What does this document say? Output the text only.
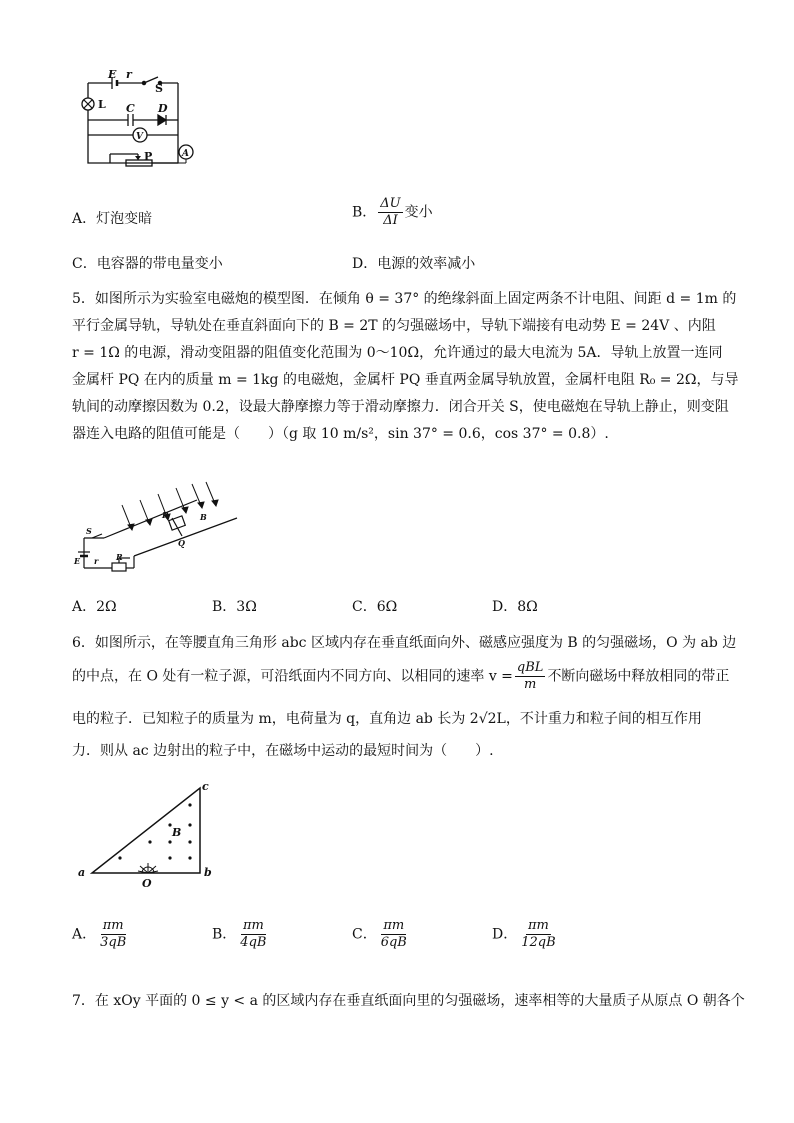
E r
S
L C D
V
A
P
A．灯泡变暗	B． $\frac{\Delta U}{\Delta I}$ 变小
C．电容器的带电量变小	D．电源的效率减小
5．如图所示为实验室电磁炮的模型图．在倾角 θ = 37° 的绝缘斜面上固定两条不计电阻、间距 d = 1m 的
平行金属导轨，导轨处在垂直斜面向下的 B = 2T 的匀强磁场中，导轨下端接有电动势 E = 24V 、内阻
r = 1Ω 的电源，滑动变阻器的阻值变化范围为 0～10Ω，允许通过的最大电流为 5A．导轨上放置一连同
金属杆 PQ 在内的质量 m = 1kg 的电磁炮，金属杆 PQ 垂直两金属导轨放置，金属杆电阻 R₀ = 2Ω，与导
轨间的动摩擦因数为 0.2，设最大静摩擦力等于滑动摩擦力．闭合开关 S，使电磁炮在导轨上静止，则变阻
器连入电路的阻值可能是（　　）（g 取 10 m/s²，sin 37° = 0.6，cos 37° = 0.8）.
S
E r R
P
Q
B
A．2Ω	B．3Ω	C．6Ω	D．8Ω
6．如图所示，在等腰直角三角形 abc 区域内存在垂直纸面向外、磁感应强度为 B 的匀强磁场，O 为 ab 边
的中点，在 O 处有一粒子源，可沿纸面内不同方向、以相同的速率 $v = \frac{\text{qBL}}{m}$ 不断向磁场中释放相同的带正
电的粒子．已知粒子的质量为 m，电荷量为 q，直角边 ab 长为 2√2L，不计重力和粒子间的相互作用
力．则从 ac 边射出的粒子中，在磁场中运动的最短时间为（　　）.
a	b
c
B
O
A． $\frac{\pi m}{3qB}$	B． $\frac{\pi m}{4qB}$	C． $\frac{\pi m}{6qB}$	D． $\frac{\pi m}{12qB}$
7．在 xOy 平面的 0 ≤ y < a 的区域内存在垂直纸面向里的匀强磁场，速率相等的大量质子从原点 O 朝各个
